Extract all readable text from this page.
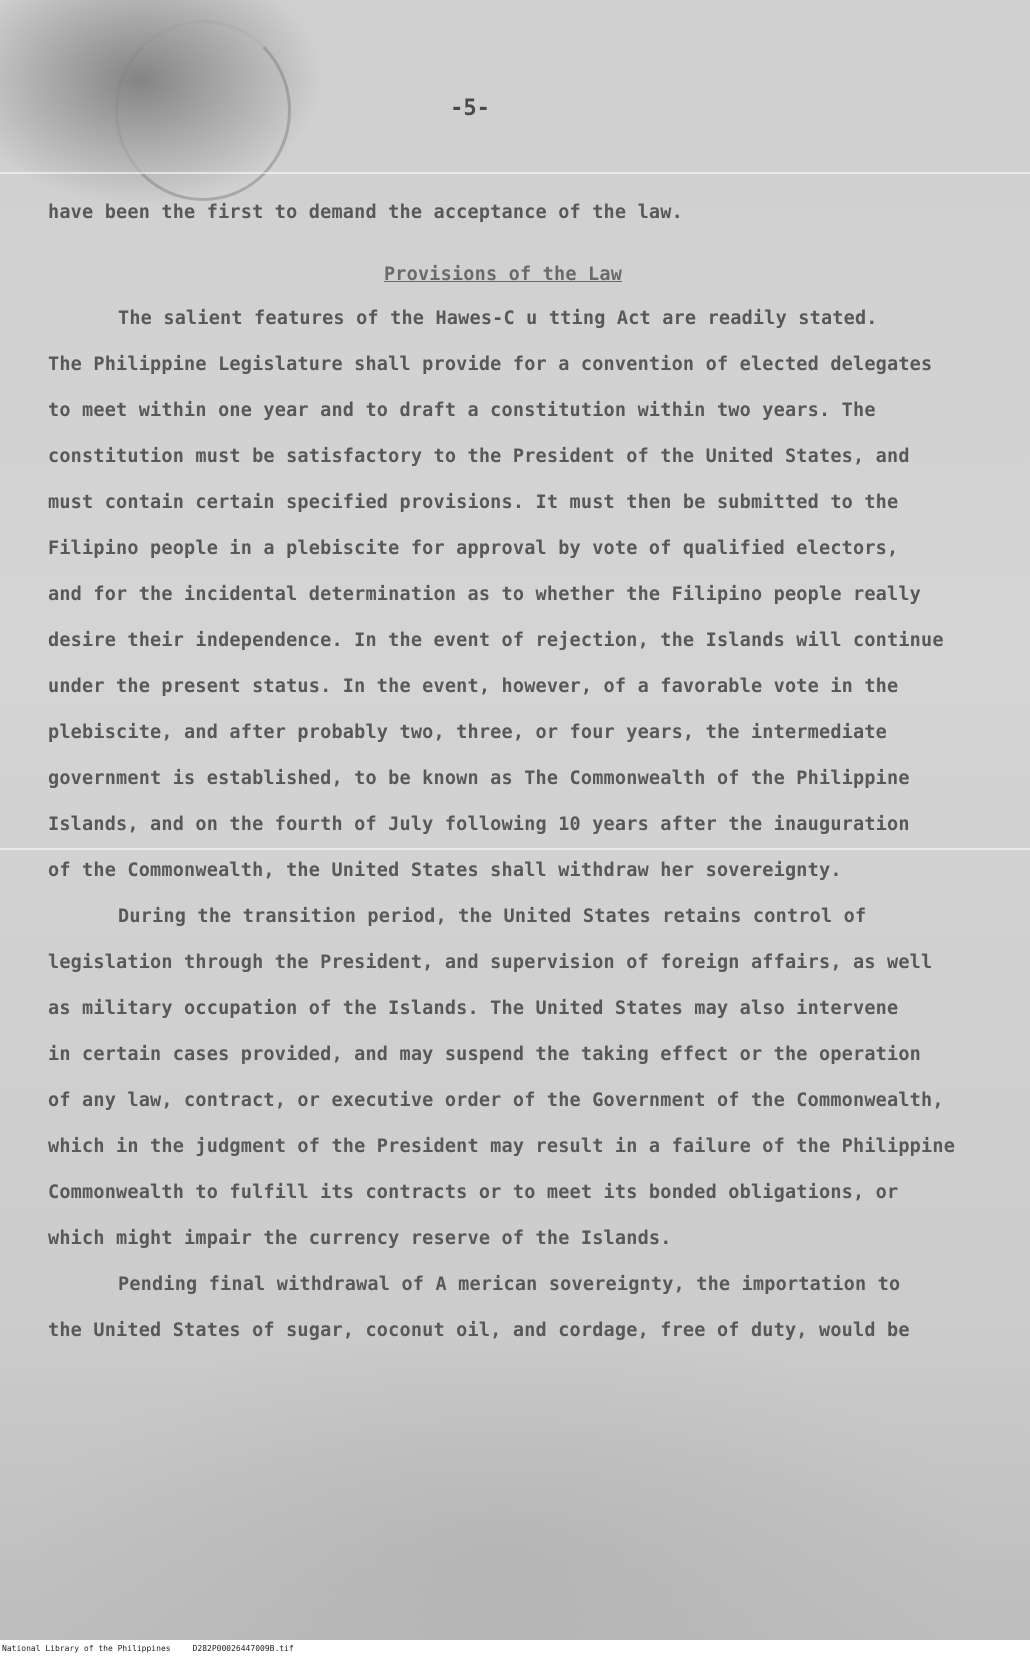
-5-
have been the first to demand the acceptance of the law.
Provisions of the Law
The salient features of the Hawes-C u tting Act are readily stated.
The Philippine Legislature shall provide for a convention of elected delegates
to meet within one year and to draft a constitution within two years. The
constitution must be satisfactory to the President of the United States, and
must contain certain specified provisions. It must then be submitted to the
Filipino people in a plebiscite for approval by vote of qualified electors,
and for the incidental determination as to whether the Filipino people really
desire their independence. In the event of rejection, the Islands will continue
under the present status. In the event, however, of a favorable vote in the
plebiscite, and after probably two, three, or four years, the intermediate
government is established, to be known as The Commonwealth of the Philippine
Islands, and on the fourth of July following 10 years after the inauguration
of the Commonwealth, the United States shall withdraw her sovereignty.
During the transition period, the United States retains control of
legislation through the President, and supervision of foreign affairs, as well
as military occupation of the Islands. The United States may also intervene
in certain cases provided, and may suspend the taking effect or the operation
of any law, contract, or executive order of the Government of the Commonwealth,
which in the judgment of the President may result in a failure of the Philippine
Commonwealth to fulfill its contracts or to meet its bonded obligations, or
which might impair the currency reserve of the Islands.
Pending final withdrawal of A merican sovereignty, the importation to
the United States of sugar, coconut oil, and cordage, free of duty, would be
National Library of the Philippines	D282P00026447009B.tif
